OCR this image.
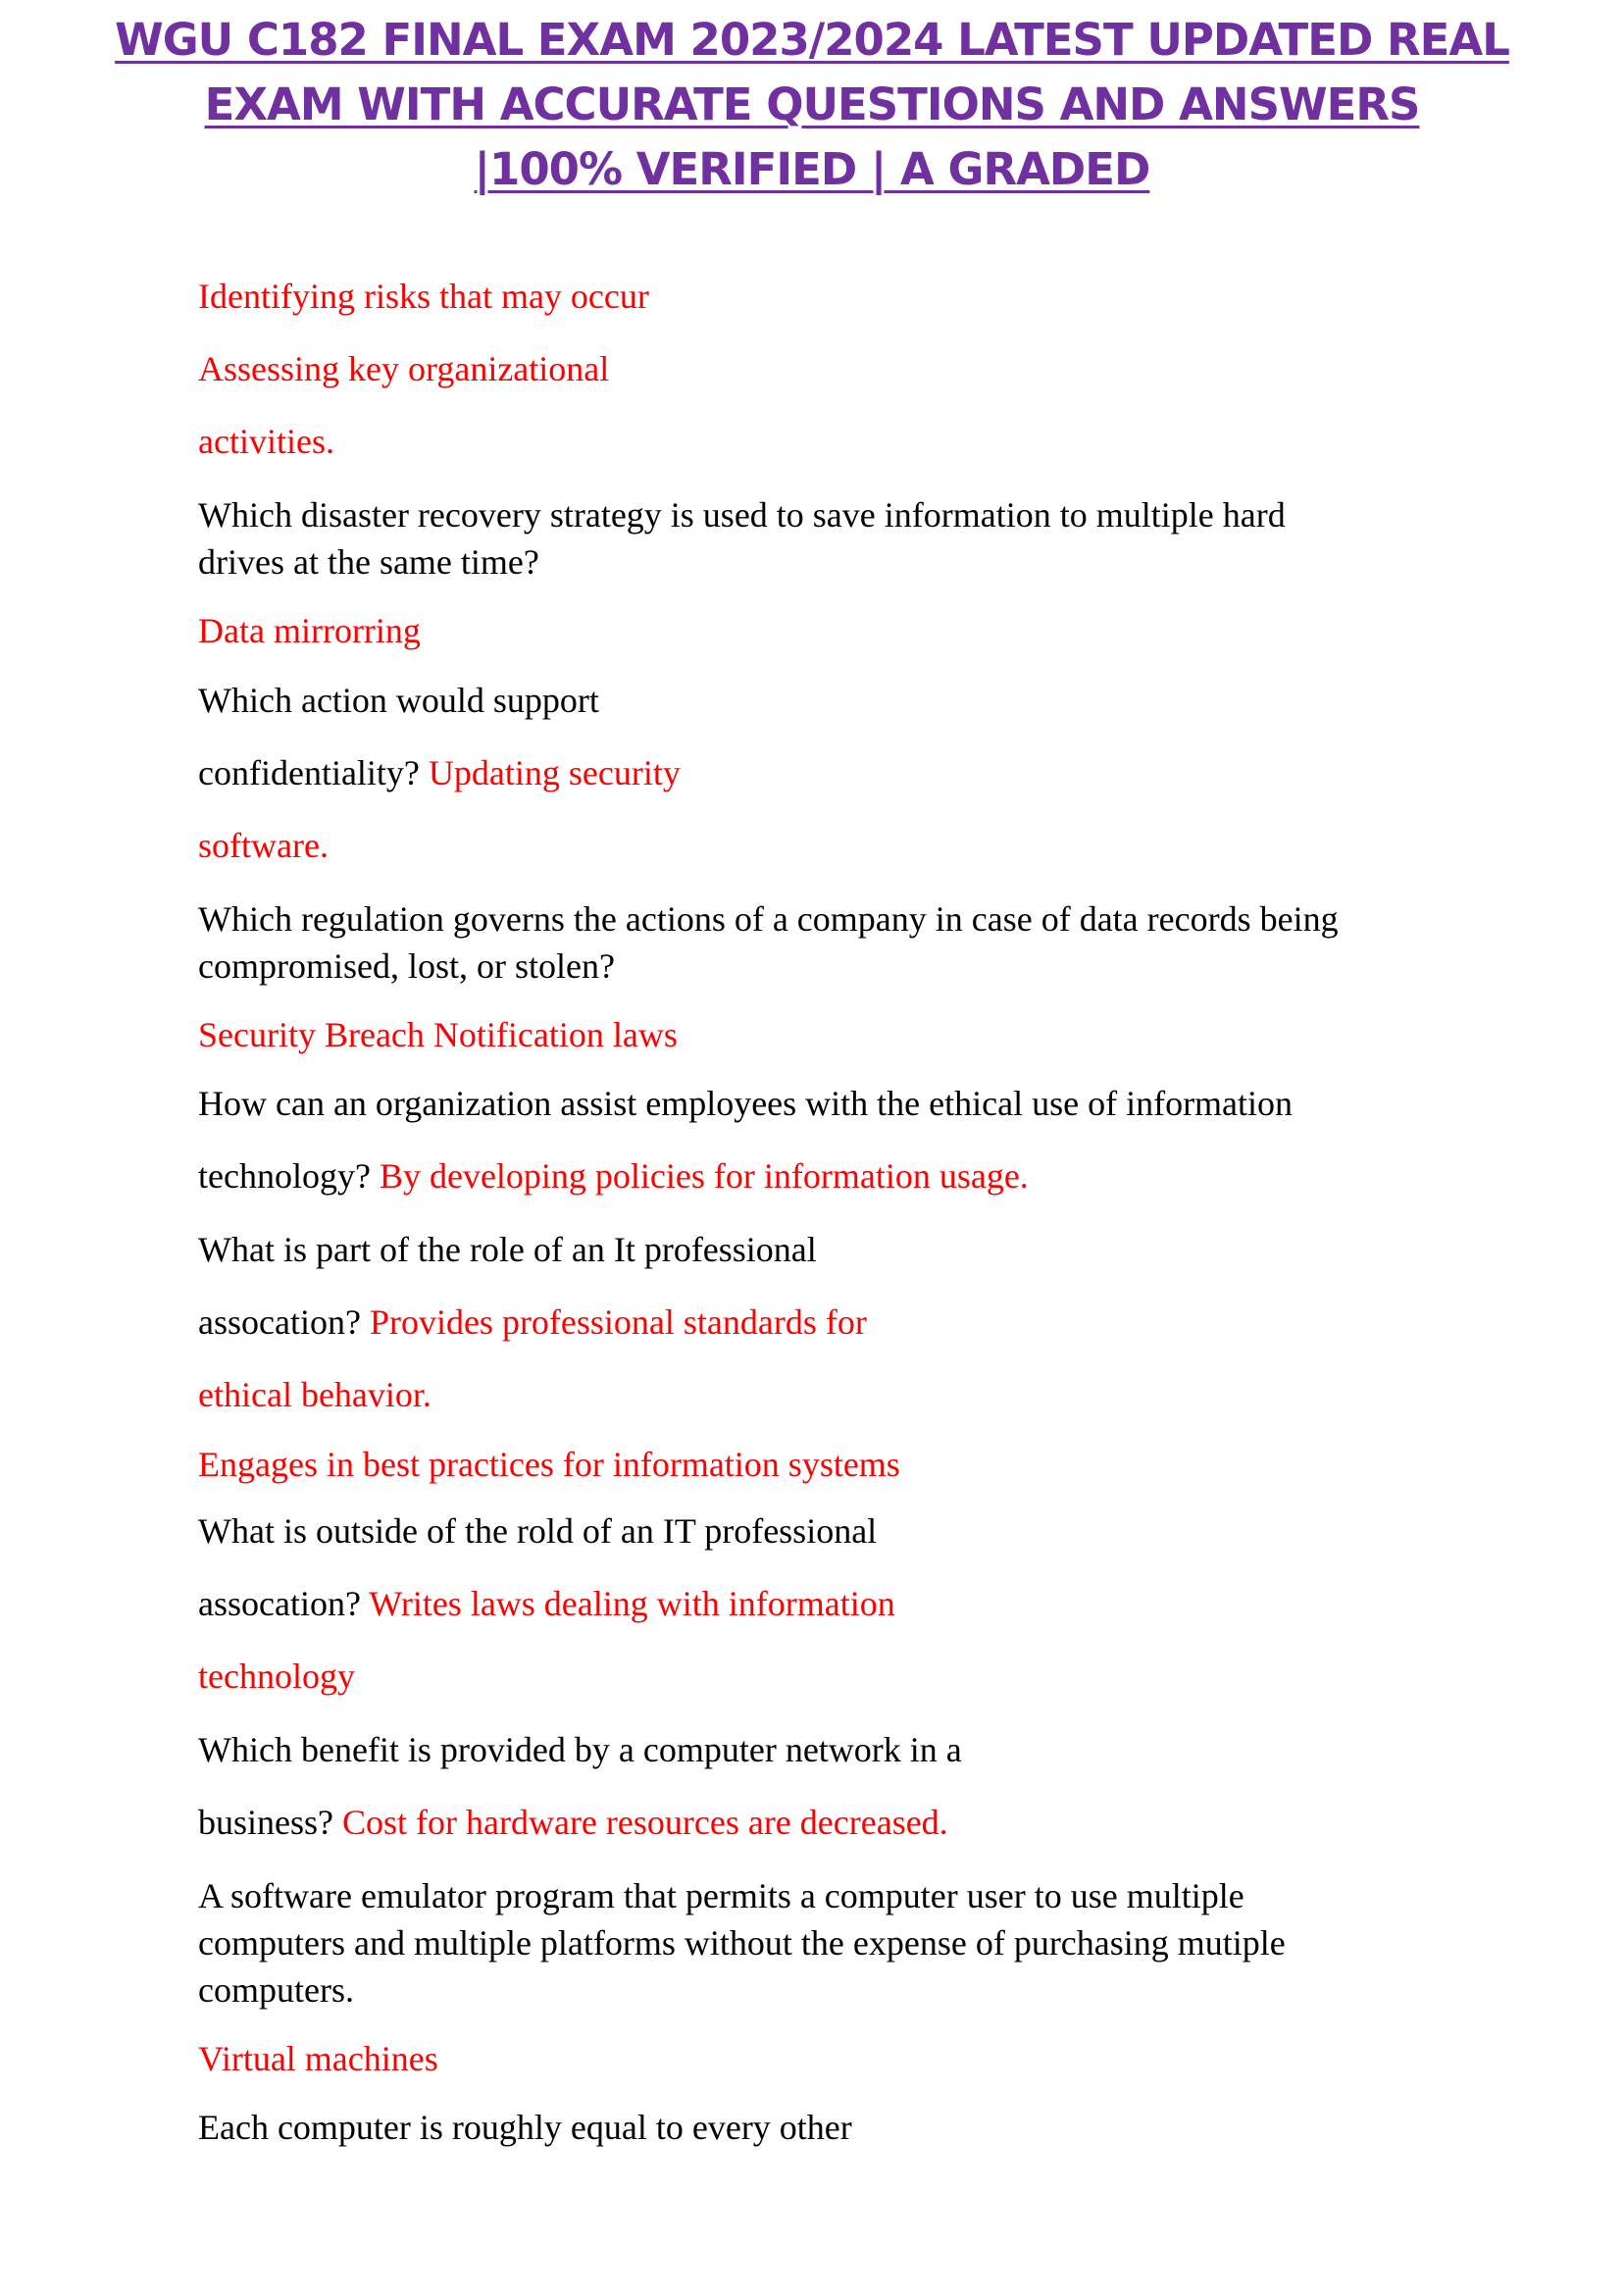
WGU C182 FINAL EXAM 2023/2024 LATEST UPDATED REAL
EXAM WITH ACCURATE QUESTIONS AND ANSWERS
|100% VERIFIED | A GRADED

Identifying risks that may occur

Assessing key organizational

activities.

Which disaster recovery strategy is used to save information to multiple hard

drives at the same time?

Data mirrorring

Which action would support

confidentiality? Updating security

software.

Which regulation governs the actions of a company in case of data records being

compromised, lost, or stolen?

Security Breach Notification laws

How can an organization assist employees with the ethical use of information

technology? By developing policies for information usage.

What is part of the role of an It professional

assocation? Provides professional standards for

ethical behavior.

Engages in best practices for information systems

What is outside of the rold of an IT professional

assocation? Writes laws dealing with information

technology

Which benefit is provided by a computer network in a

business? Cost for hardware resources are decreased.

A software emulator program that permits a computer user to use multiple

computers and multiple platforms without the expense of purchasing mutiple

computers.

Virtual machines

Each computer is roughly equal to every other
